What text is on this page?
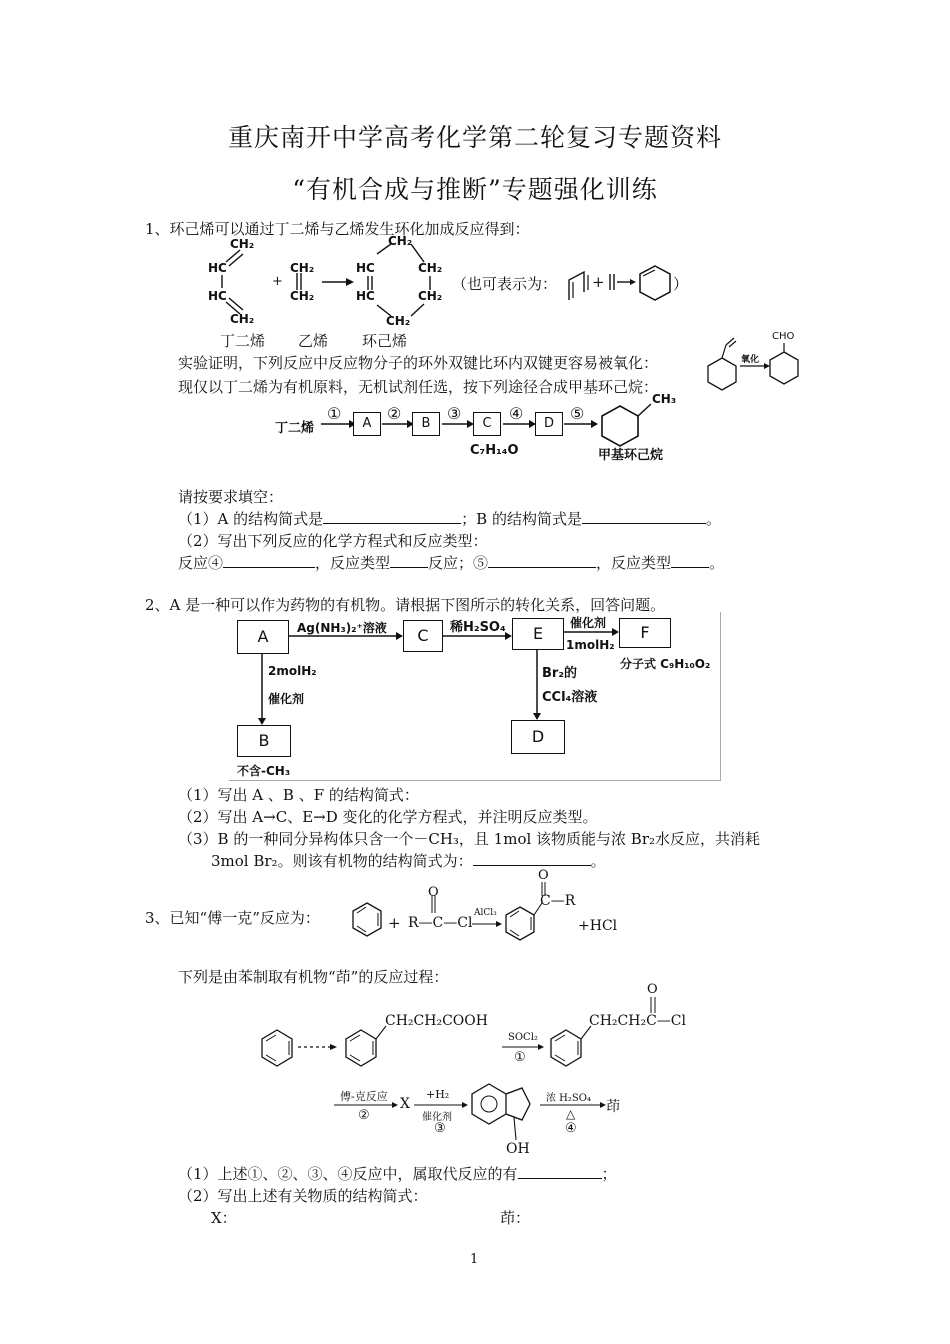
重庆南开中学高考化学第二轮复习专题资料
“有机合成与推断”专题强化训练
1、环己烯可以通过丁二烯与乙烯发生环化加成反应得到：
CH₂
HC
HC
CH₂
CH₂
CH₂
+
CH₂
HC
HC
CH₂
CH₂
CH₂
（也可表示为： +	）
丁二烯 乙烯 环己烯
实验证明，下列反应中反应物分子的环外双键比环内双键更容易被氧化：	氧化
CHO
现仅以丁二烯为有机原料，无机试剂任选，按下列途径合成甲基环己烷：
丁二烯
①	②	③	④	⑤
A	B	C	D
C₇H₁₄O
CH₃
甲基环己烷
请按要求填空：
（1）A 的结构简式是	；B 的结构简式是	。
（2）写出下列反应的化学方程式和反应类型：
反应④	，反应类型	反应；⑤	，反应类型	。
2、A 是一种可以作为药物的有机物。请根据下图所示的转化关系，回答问题。
A	C	E	F
B	D
Ag(NH₃)₂⁺溶液	稀H₂SO₄	催化剂
1molH₂
分子式 C₉H₁₀O₂
2molH₂
催化剂
不含-CH₃
Br₂的
CCl₄溶液
（1）写出 A 、B 、F 的结构简式：
（2）写出 A→C、E→D 变化的化学方程式，并注明反应类型。
（3）B 的一种同分异构体只含一个－CH₃，且 1mol 该物质能与浓 Br₂水反应，共消耗
3mol Br₂。则该有机物的结构简式为：	。
3、已知“傅一克”反应为：	+ R—C—Cl
O
AlCl₃
C—R
O
+HCl
下列是由苯制取有机物“茚”的反应过程：
CH₂CH₂COOH
SOCl₂
①
CH₂CH₂C—Cl
O
傅-克反应
②
X
+H₂
催化剂
③
OH
浓 H₂SO₄
△
④
茚
（1）上述①、②、③、④反应中，属取代反应的有	；
（2）写出上述有关物质的结构简式：
X：	茚：
1
